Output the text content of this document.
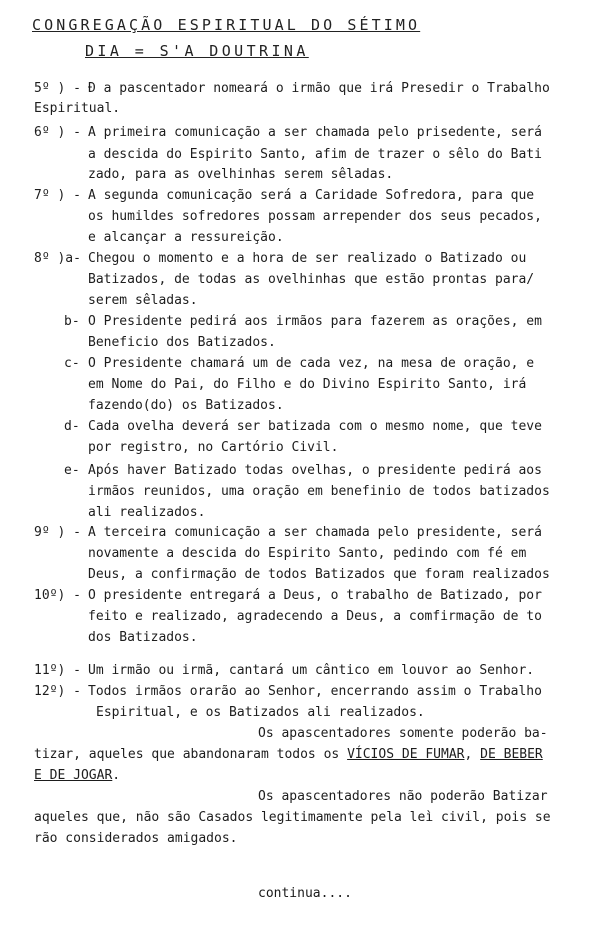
CONGREGAÇÃO ESPIRITUAL DO SÉTIMO
DIA = S'A DOUTRINA
5º ) - Ð a pascentador nomeará o irmão que irá Presedir o Trabalho
Espiritual.
6º ) - A primeira comunicação a ser chamada pelo prisedente, será
a descida do Espirito Santo, afim de trazer o sêlo do Bati
zado, para as ovelhinhas serem sêladas.
7º ) - A segunda comunicação será a Caridade Sofredora, para que
os humildes sofredores possam arrepender dos seus pecados,
e alcançar a ressureição.
8º )a- Chegou o momento e a hora de ser realizado o Batizado ou
Batizados, de todas as ovelhinhas que estão prontas para/
serem sêladas.
b- O Presidente pedirá aos irmãos para fazerem as orações, em
Beneficio dos Batizados.
c- O Presidente chamará um de cada vez, na mesa de oração, e
em Nome do Pai, do Filho e do Divino Espirito Santo, irá
fazendo(do) os Batizados.
d- Cada ovelha deverá ser batizada com o mesmo nome, que teve
por registro, no Cartório Civil.
e- Após haver Batizado todas ovelhas, o presidente pedirá aos
irmãos reunidos, uma oração em benefinio de todos batizados
ali realizados.
9º ) - A terceira comunicação a ser chamada pelo presidente, será
novamente a descida do Espirito Santo, pedindo com fé em
Deus, a confirmação de todos Batizados que foram realizados
10º) - O presidente entregará a Deus, o trabalho de Batizado, por
feito e realizado, agradecendo a Deus, a comfirmação de to
dos Batizados.
11º) - Um irmão ou irmã, cantará um cântico em louvor ao Senhor.
12º) - Todos irmãos orarão ao Senhor, encerrando assim o Trabalho
Espiritual, e os Batizados ali realizados.
Os apascentadores somente poderão ba-
tizar, aqueles que abandonaram todos os VÍCIOS DE FUMAR, DE BEBER
E DE JOGAR.
Os apascentadores não poderão Batizar
aqueles que, não são Casados legitimamente pela leì civil, pois se
rão considerados amigados.
continua....
